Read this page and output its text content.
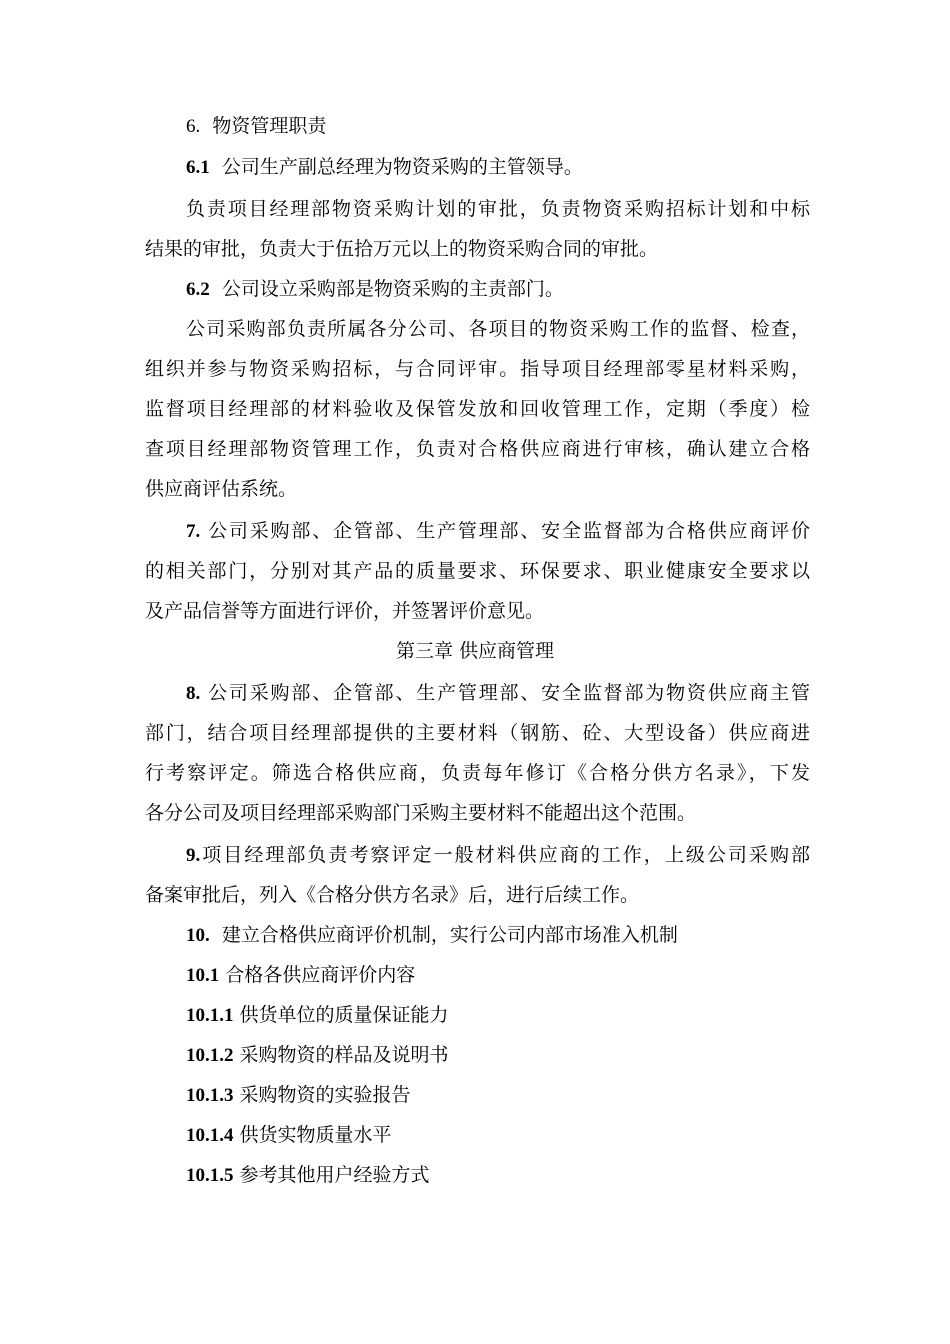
6. 物资管理职责
6.1 公司生产副总经理为物资采购的主管领导。
负责项目经理部物资采购计划的审批，负责物资采购招标计划和中标
结果的审批，负责大于伍拾万元以上的物资采购合同的审批。
6.2 公司设立采购部是物资采购的主责部门。
公司采购部负责所属各分公司、各项目的物资采购工作的监督、检查，
组织并参与物资采购招标，与合同评审。指导项目经理部零星材料采购，
监督项目经理部的材料验收及保管发放和回收管理工作，定期（季度）检
查项目经理部物资管理工作，负责对合格供应商进行审核，确认建立合格
供应商评估系统。
7. 公司采购部、企管部、生产管理部、安全监督部为合格供应商评价
的相关部门，分别对其产品的质量要求、环保要求、职业健康安全要求以
及产品信誉等方面进行评价，并签署评价意见。
第三章 供应商管理
8. 公司采购部、企管部、生产管理部、安全监督部为物资供应商主管
部门，结合项目经理部提供的主要材料（钢筋、砼、大型设备）供应商进
行考察评定。筛选合格供应商，负责每年修订《合格分供方名录》，下发
各分公司及项目经理部采购部门采购主要材料不能超出这个范围。
9.项目经理部负责考察评定一般材料供应商的工作，上级公司采购部
备案审批后，列入《合格分供方名录》后，进行后续工作。
10. 建立合格供应商评价机制，实行公司内部市场准入机制
10.1 合格各供应商评价内容
10.1.1 供货单位的质量保证能力
10.1.2 采购物资的样品及说明书
10.1.3 采购物资的实验报告
10.1.4 供货实物质量水平
10.1.5 参考其他用户经验方式
